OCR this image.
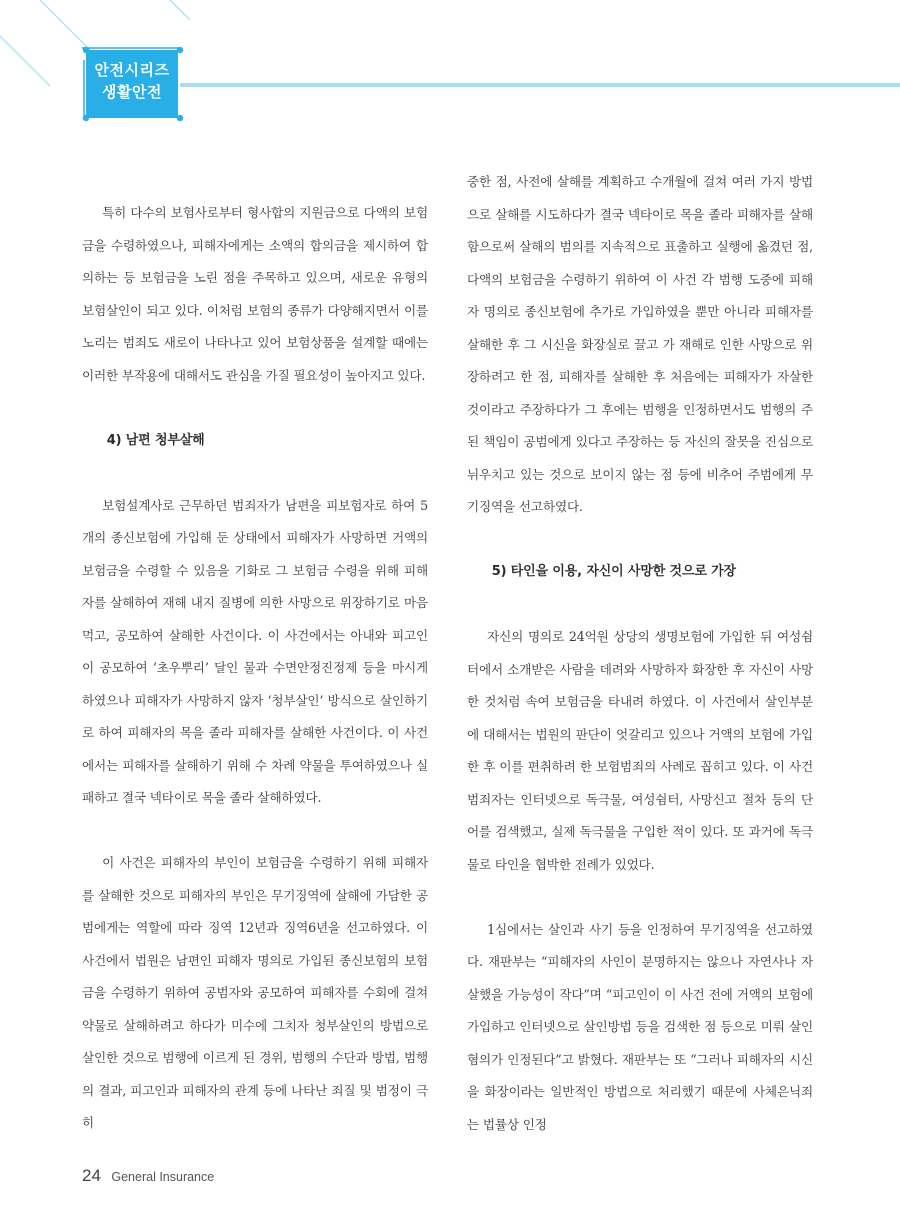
안전시리즈
생활안전

특히 다수의 보험사로부터 형사합의 지원금으로 다액의 보험금을 수령하였으나, 피해자에게는 소액의 합의금을 제시하여 합의하는 등 보험금을 노린 점을 주목하고 있으며, 새로운 유형의 보험살인이 되고 있다. 이처럼 보험의 종류가 다양해지면서 이를 노리는 범죄도 새로이 나타나고 있어 보험상품을 설계할 때에는 이러한 부작용에 대해서도 관심을 가질 필요성이 높아지고 있다.

4) 남편 청부살해

보험설계사로 근무하던 범죄자가 남편을 피보험자로 하여 5개의 종신보험에 가입해 둔 상태에서 피해자가 사망하면 거액의 보험금을 수령할 수 있음을 기화로 그 보험금 수령을 위해 피해자를 살해하여 재해 내지 질병에 의한 사망으로 위장하기로 마음먹고, 공모하여 살해한 사건이다. 이 사건에서는 아내와 피고인이 공모하여 ‘초우뿌리’ 달인 물과 수면안정진정제 등을 마시게 하였으나 피해자가 사망하지 않자 ‘청부살인’ 방식으로 살인하기로 하여 피해자의 목을 졸라 피해자를 살해한 사건이다. 이 사건에서는 피해자를 살해하기 위해 수 차례 약물을 투여하였으나 실패하고 결국 넥타이로 목을 졸라 살해하였다.

이 사건은 피해자의 부인이 보험금을 수령하기 위해 피해자를 살해한 것으로 피해자의 부인은 무기징역에 살해에 가담한 공범에게는 역할에 따라 징역 12년과 징역6년을 선고하였다. 이 사건에서 법원은 남편인 피해자 명의로 가입된 종신보험의 보험금을 수령하기 위하여 공범자와 공모하여 피해자를 수회에 걸쳐 약물로 살해하려고 하다가 미수에 그치자 청부살인의 방법으로 살인한 것으로 범행에 이르게 된 경위, 범행의 수단과 방법, 범행의 결과, 피고인과 피해자의 관계 등에 나타난 죄질 및 범정이 극히

중한 점, 사전에 살해를 계획하고 수개월에 걸쳐 여러 가지 방법으로 살해를 시도하다가 결국 넥타이로 목을 졸라 피해자를 살해함으로써 살해의 범의를 지속적으로 표출하고 실행에 옮겼던 점, 다액의 보험금을 수령하기 위하여 이 사건 각 범행 도중에 피해자 명의로 종신보험에 추가로 가입하였을 뿐만 아니라 피해자를 살해한 후 그 시신을 화장실로 끌고 가 재해로 인한 사망으로 위장하려고 한 점, 피해자를 살해한 후 처음에는 피해자가 자살한 것이라고 주장하다가 그 후에는 범행을 인정하면서도 범행의 주된 책임이 공범에게 있다고 주장하는 등 자신의 잘못을 진심으로 뉘우치고 있는 것으로 보이지 않는 점 등에 비추어 주범에게 무기징역을 선고하였다.

5) 타인을 이용, 자신이 사망한 것으로 가장

자신의 명의로 24억원 상당의 생명보험에 가입한 뒤 여성쉼터에서 소개받은 사람을 데려와 사망하자 화장한 후 자신이 사망한 것처럼 속여 보험금을 타내려 하였다. 이 사건에서 살인부분에 대해서는 법원의 판단이 엇갈리고 있으나 거액의 보험에 가입한 후 이를 편취하려 한 보험범죄의 사례로 꼽히고 있다. 이 사건 범죄자는 인터넷으로 독극물, 여성쉼터, 사망신고 절차 등의 단어를 검색했고, 실제 독극물을 구입한 적이 있다. 또 과거에 독극물로 타인을 협박한 전례가 있었다.

1심에서는 살인과 사기 등을 인정하여 무기징역을 선고하였다. 재판부는 “피해자의 사인이 분명하지는 않으나 자연사나 자살했을 가능성이 작다”며 “피고인이 이 사건 전에 거액의 보험에 가입하고 인터넷으로 살인방법 등을 검색한 점 등으로 미뤄 살인혐의가 인정된다”고 밝혔다. 재판부는 또 “그러나 피해자의 시신을 화장이라는 일반적인 방법으로 처리했기 때문에 사체은닉죄는 법률상 인정

24 General Insurance
